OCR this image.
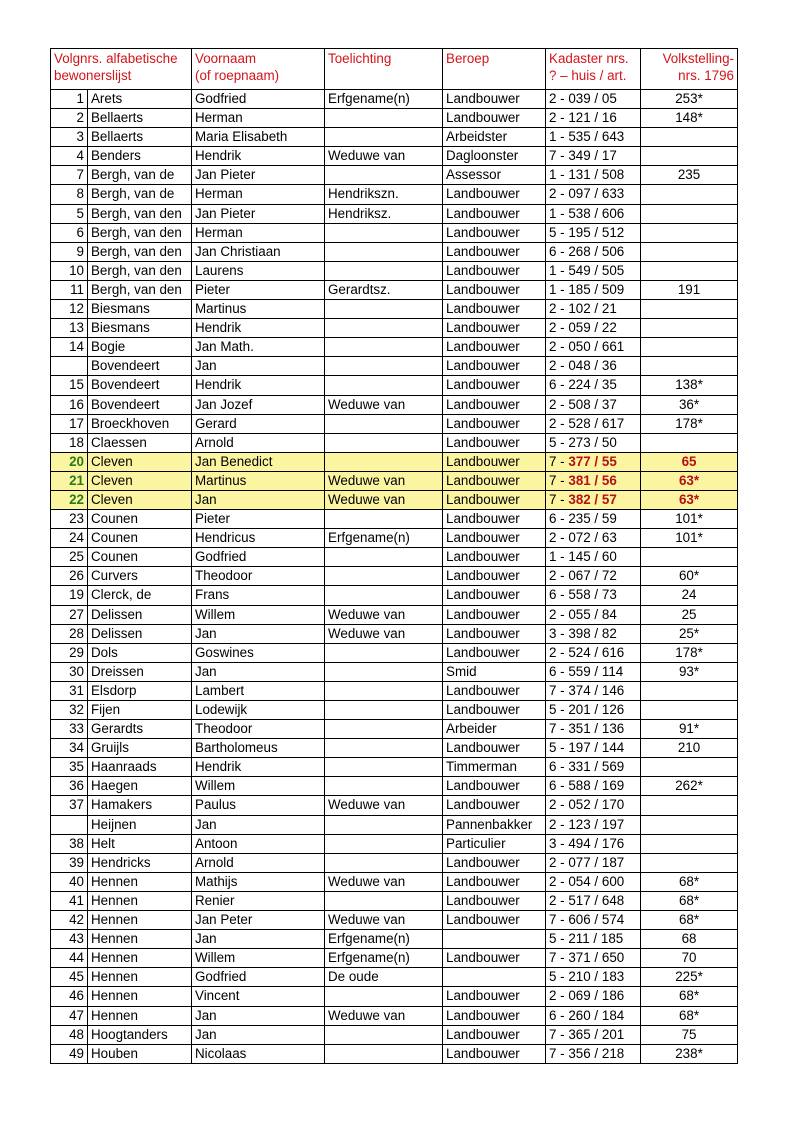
Volgnrs. alfabetische
bewonerslijst		Voornaam
(of roepnaam)	Toelichting	Beroep	Kadaster nrs.
? – huis / art.	Volkstelling-
nrs. 1796
1	Arets	Godfried	Erfgename(n)	Landbouwer	2 - 039 / 05	253*
2	Bellaerts	Herman		Landbouwer	2 - 121 / 16	148*
3	Bellaerts	Maria Elisabeth		Arbeidster	1 - 535 / 643	
4	Benders	Hendrik	Weduwe van	Dagloonster	7 - 349 / 17	
7	Bergh, van de	Jan Pieter		Assessor	1 - 131 / 508	235
8	Bergh, van de	Herman	Hendrikszn.	Landbouwer	2 - 097 / 633	
5	Bergh, van den	Jan Pieter	Hendriksz.	Landbouwer	1 - 538 / 606	
6	Bergh, van den	Herman		Landbouwer	5 - 195 / 512	
9	Bergh, van den	Jan Christiaan		Landbouwer	6 - 268 / 506	
10	Bergh, van den	Laurens		Landbouwer	1 - 549 / 505	
11	Bergh, van den	Pieter	Gerardtsz.	Landbouwer	1 - 185 / 509	191
12	Biesmans	Martinus		Landbouwer	2 - 102 / 21	
13	Biesmans	Hendrik		Landbouwer	2 - 059 / 22	
14	Bogie	Jan Math.		Landbouwer	2 - 050 / 661	
	Bovendeert	Jan		Landbouwer	2 - 048 / 36	
15	Bovendeert	Hendrik		Landbouwer	6 - 224 / 35	138*
16	Bovendeert	Jan Jozef	Weduwe van	Landbouwer	2 - 508 / 37	36*
17	Broeckhoven	Gerard		Landbouwer	2 - 528 / 617	178*
18	Claessen	Arnold		Landbouwer	5 - 273 / 50	
20	Cleven	Jan Benedict		Landbouwer	7 - 377 / 55	65
21	Cleven	Martinus	Weduwe van	Landbouwer	7 - 381 / 56	63*
22	Cleven	Jan	Weduwe van	Landbouwer	7 - 382 / 57	63*
23	Counen	Pieter		Landbouwer	6 - 235 / 59	101*
24	Counen	Hendricus	Erfgename(n)	Landbouwer	2 - 072 / 63	101*
25	Counen	Godfried		Landbouwer	1 - 145 / 60	
26	Curvers	Theodoor		Landbouwer	2 - 067 / 72	60*
19	Clerck, de	Frans		Landbouwer	6 - 558 / 73	24
27	Delissen	Willem	Weduwe van	Landbouwer	2 - 055 / 84	25
28	Delissen	Jan	Weduwe van	Landbouwer	3 - 398 / 82	25*
29	Dols	Goswines		Landbouwer	2 - 524 / 616	178*
30	Dreissen	Jan		Smid	6 - 559 / 114	93*
31	Elsdorp	Lambert		Landbouwer	7 - 374 / 146	
32	Fijen	Lodewijk		Landbouwer	5 - 201 / 126	
33	Gerardts	Theodoor		Arbeider	7 - 351 / 136	91*
34	Gruijls	Bartholomeus		Landbouwer	5 - 197 / 144	210
35	Haanraads	Hendrik		Timmerman	6 - 331 / 569	
36	Haegen	Willem		Landbouwer	6 - 588 / 169	262*
37	Hamakers	Paulus	Weduwe van	Landbouwer	2 - 052 / 170	
	Heijnen	Jan		Pannenbakker	2 - 123 / 197	
38	Helt	Antoon		Particulier	3 - 494 / 176	
39	Hendricks	Arnold		Landbouwer	2 - 077 / 187	
40	Hennen	Mathijs	Weduwe van	Landbouwer	2 - 054 / 600	68*
41	Hennen	Renier		Landbouwer	2 - 517 / 648	68*
42	Hennen	Jan Peter	Weduwe van	Landbouwer	7 - 606 / 574	68*
43	Hennen	Jan	Erfgename(n)		5 - 211 / 185	68
44	Hennen	Willem	Erfgename(n)	Landbouwer	7 - 371 / 650	70
45	Hennen	Godfried	De oude		5 - 210 / 183	225*
46	Hennen	Vincent		Landbouwer	2 - 069 / 186	68*
47	Hennen	Jan	Weduwe van	Landbouwer	6 - 260 / 184	68*
48	Hoogtanders	Jan		Landbouwer	7 - 365 / 201	75
49	Houben	Nicolaas		Landbouwer	7 - 356 / 218	238*
